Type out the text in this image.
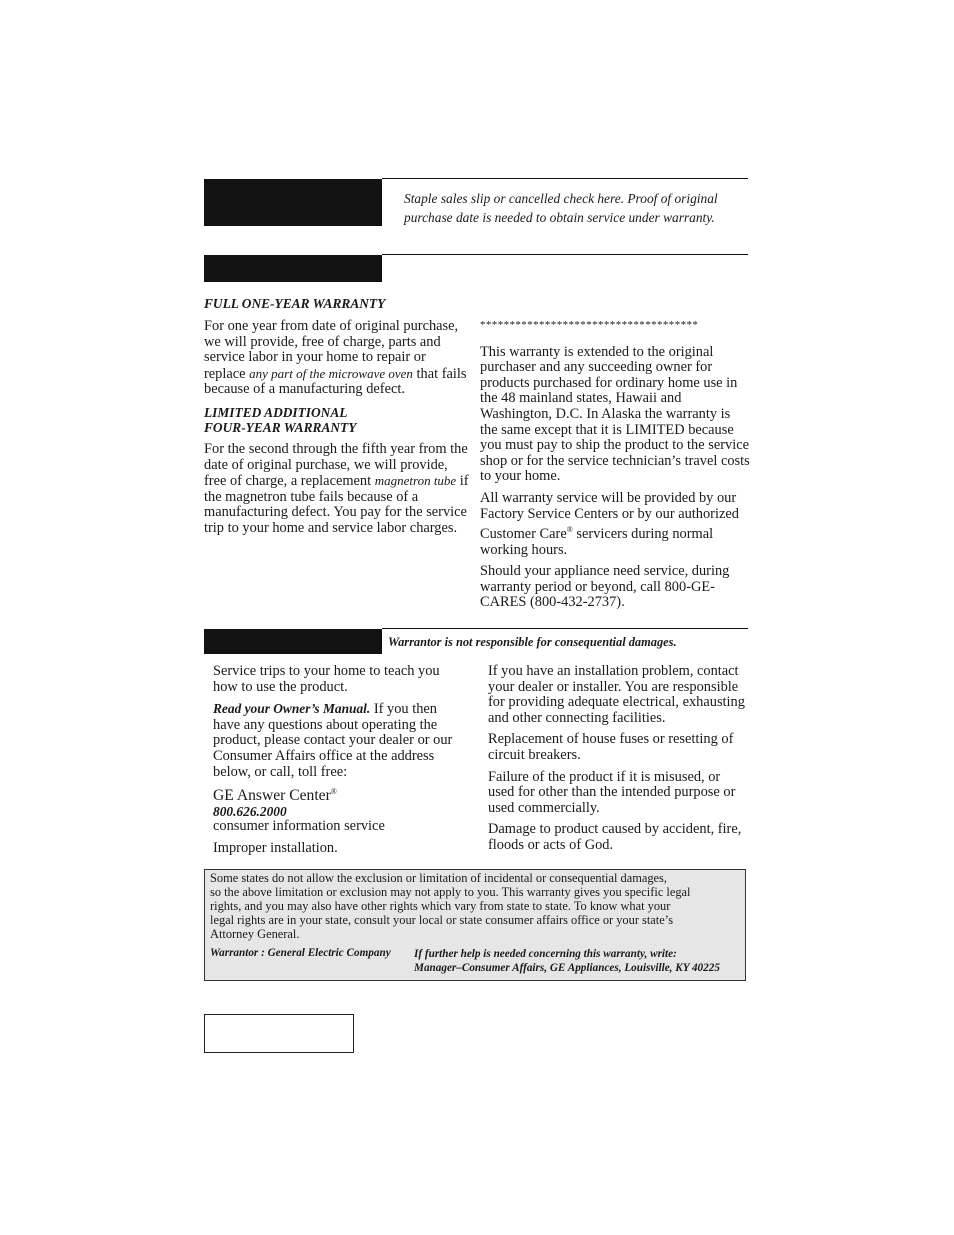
Staple sales slip or cancelled check here. Proof of original
purchase date is needed to obtain service under warranty.
FULL ONE-YEAR WARRANTY

For one year from date of original purchase, we will provide, free of charge, parts and service labor in your home to repair or replace any part of the microwave oven that fails because of a manufacturing defect.

LIMITED ADDITIONAL
FOUR-YEAR WARRANTY

For the second through the fifth year from the date of original purchase, we will provide, free of charge, a replacement magnetron tube if the magnetron tube fails because of a manufacturing defect. You pay for the service trip to your home and service labor charges.

*************************************

This warranty is extended to the original purchaser and any succeeding owner for products purchased for ordinary home use in the 48 mainland states, Hawaii and Washington, D.C. In Alaska the warranty is the same except that it is LIMITED because you must pay to ship the product to the service shop or for the service technician’s travel costs to your home.

All warranty service will be provided by our Factory Service Centers or by our authorized Customer Care® servicers during normal working hours.

Should your appliance need service, during warranty period or beyond, call 800-GE-CARES (800-432-2737).

Warrantor is not responsible for consequential damages.

Service trips to your home to teach you how to use the product.

Read your Owner’s Manual. If you then have any questions about operating the product, please contact your dealer or our Consumer Affairs office at the address below, or call, toll free:

GE Answer Center®
800.626.2000

consumer information service

Improper installation.

If you have an installation problem, contact your dealer or installer. You are responsible for providing adequate electrical, exhausting and other connecting facilities.

Replacement of house fuses or resetting of circuit breakers.

Failure of the product if it is misused, or used for other than the intended purpose or used commercially.

Damage to product caused by accident, fire, floods or acts of God.

Some states do not allow the exclusion or limitation of incidental or consequential damages,
so the above limitation or exclusion may not apply to you. This warranty gives you specific legal
rights, and you may also have other rights which vary from state to state. To know what your
legal rights are in your state, consult your local or state consumer affairs office or your state’s
Attorney General.
Warrantor : General Electric Company If further help is needed concerning this warranty, write:
Manager–Consumer Affairs, GE Appliances, Louisville, KY 40225
